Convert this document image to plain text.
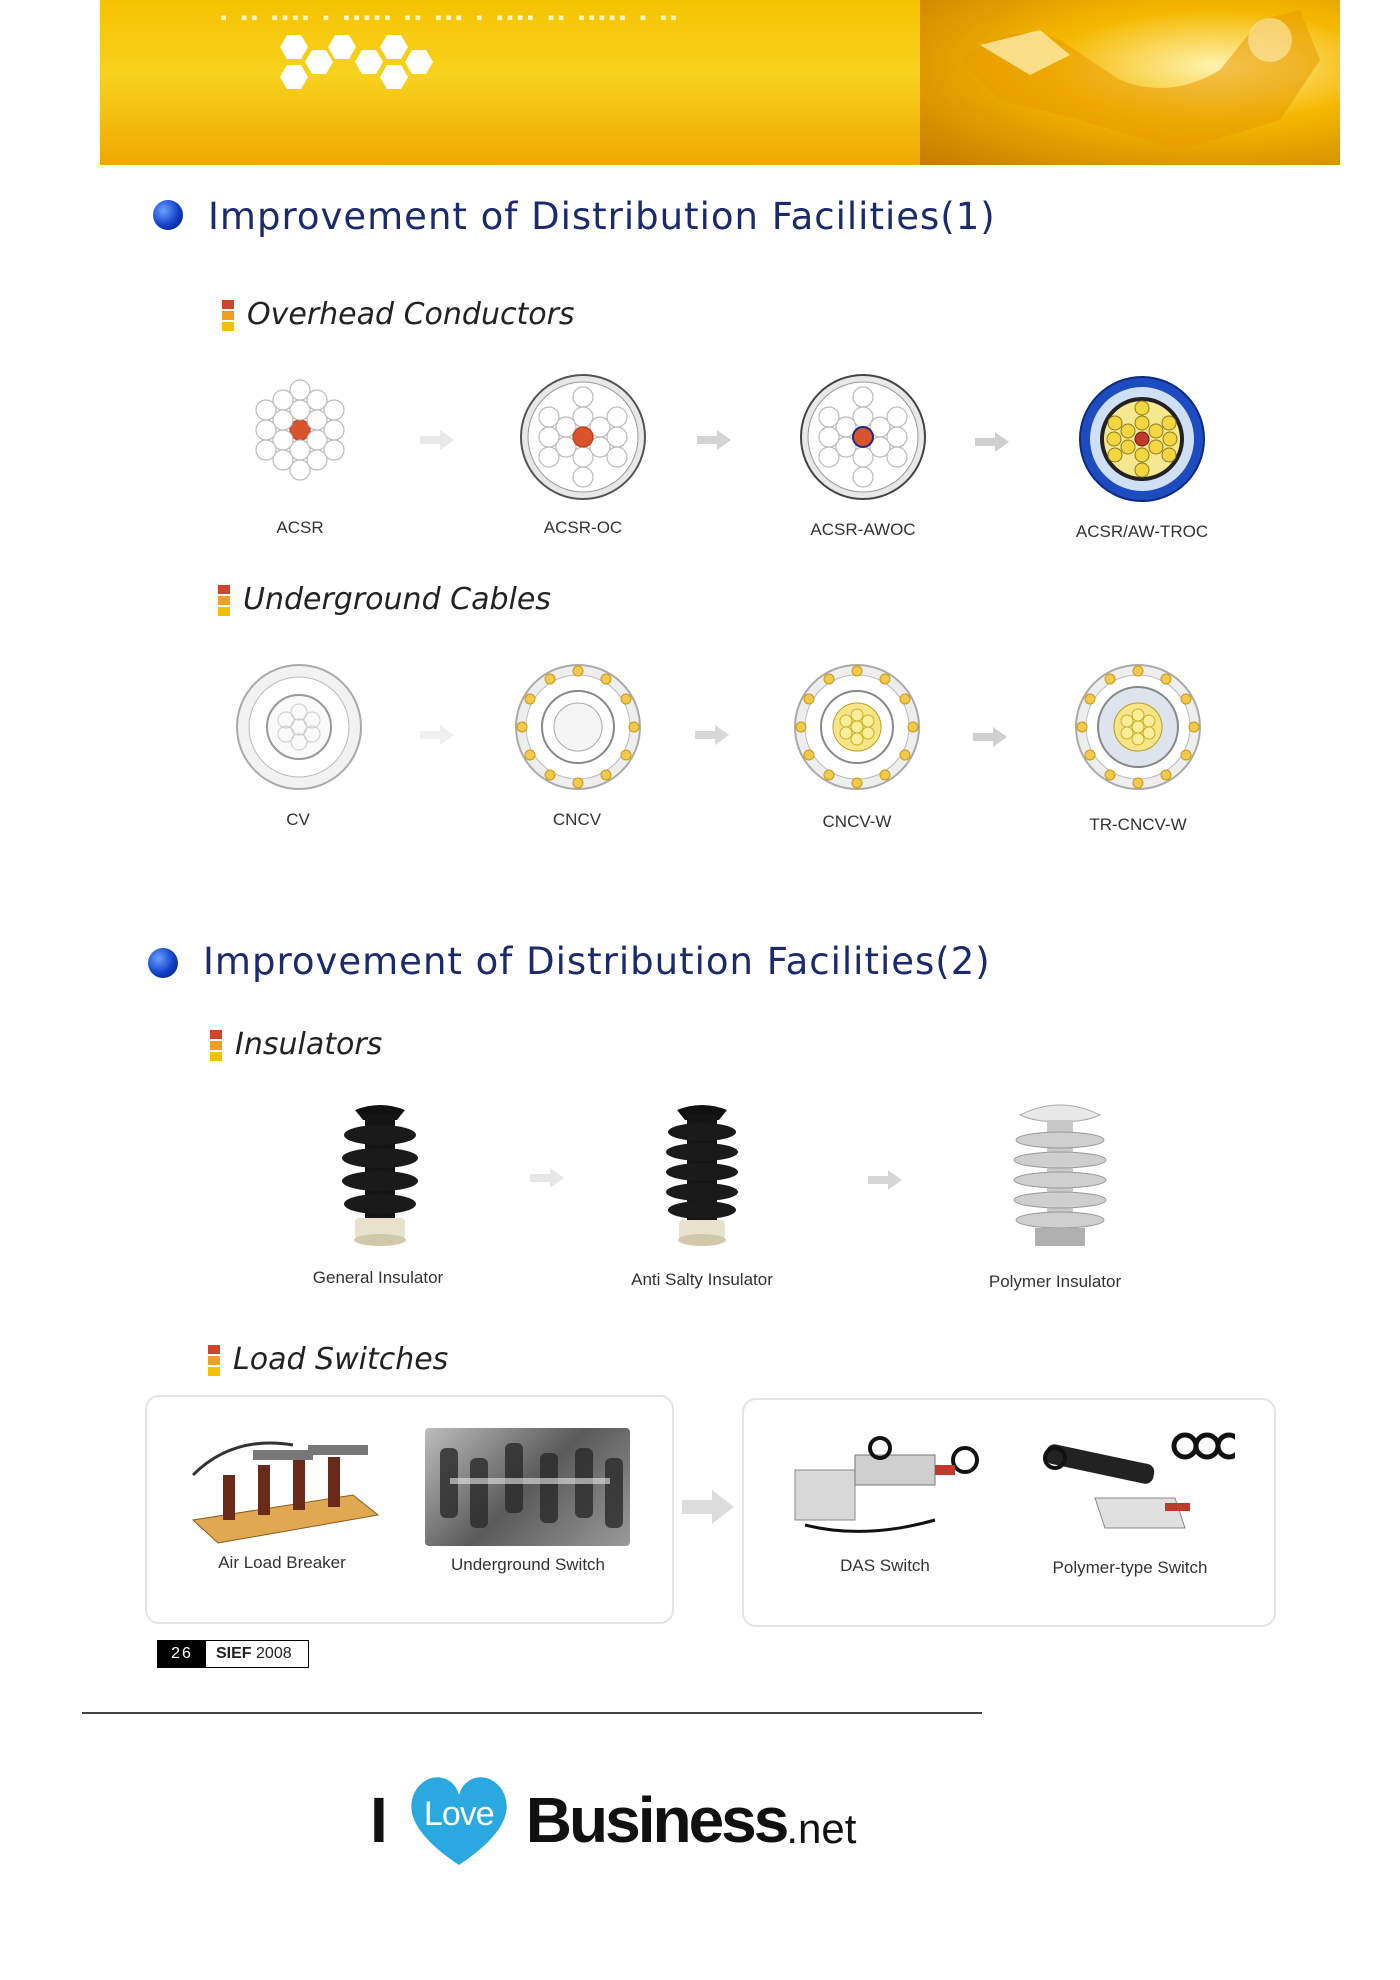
▪ ▪▪ ▪▪▪▪ ▪ ▪▪▪▪▪ ▪▪ ▪▪▪ ▪ ▪▪▪▪ ▪▪ ▪▪▪▪▪ ▪ ▪▪
Improvement of Distribution Facilities(1)
Overhead Conductors
ACSR	ACSR-OC	ACSR-AWOC	ACSR/AW-TROC
Underground Cables
CV	CNCV	CNCV-W	TR-CNCV-W
Improvement of Distribution Facilities(2)
Insulators
General Insulator	Anti Salty Insulator	Polymer Insulator
Load Switches
Air Load Breaker	Underground Switch	DAS Switch	Polymer-type Switch
26	SIEF 2008
I	Love Business .net
